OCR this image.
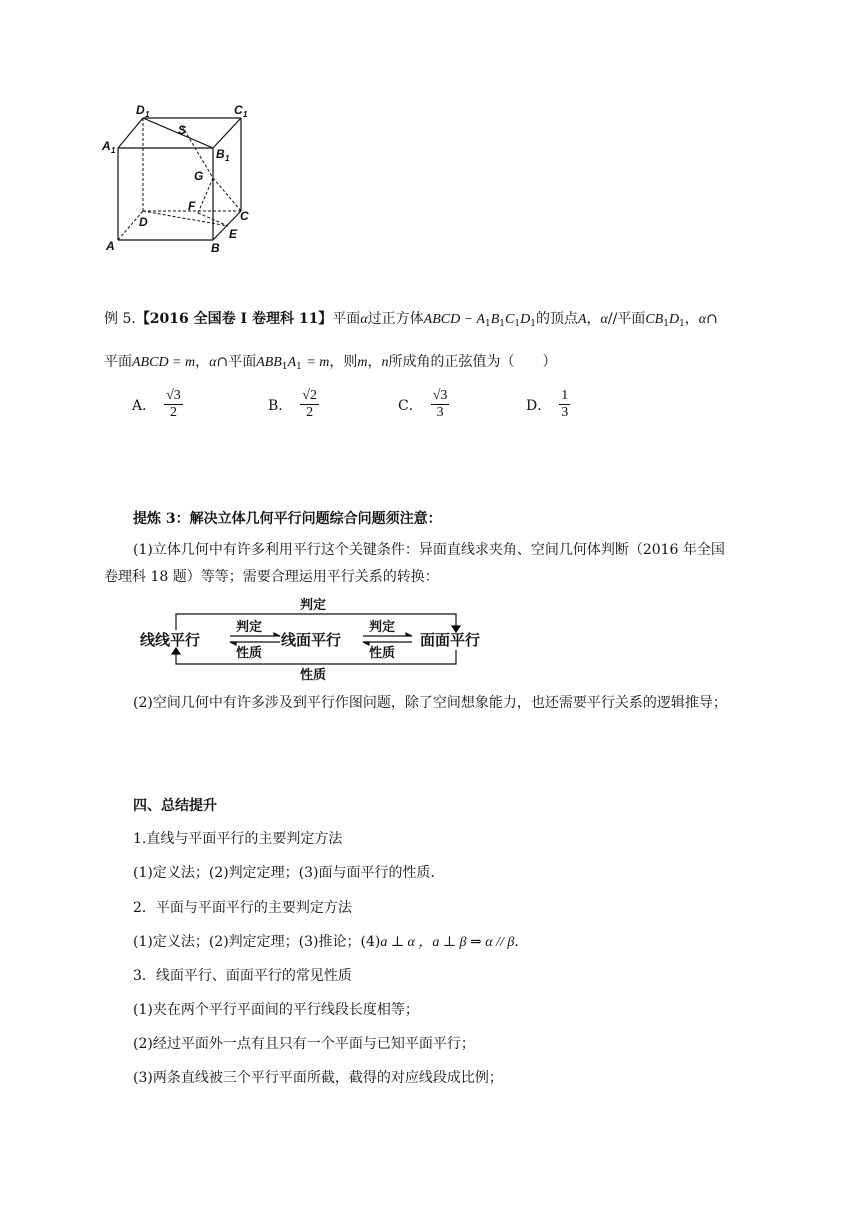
D 1	C 1
A 1	B 1
S
G
F
D	C
E
A	B
例 5.【2016 全国卷 I 卷理科 11】平面α过正方体ABCD − $A_1B_1C_1D_1$的顶点A，α//平面$CB_1D_1$，α∩
平面ABCD = m，α∩平面$ABB_1A_1 = m$，则m，n所成角的正弦值为（　　）
A． $\frac{√3}{2}$	B． $\frac{√2}{2}$	C． $\frac{√3}{3}$	D． $\frac{1}{3}$
提炼 3：解决立体几何平行问题综合问题须注意：
(1)立体几何中有许多利用平行这个关键条件：异面直线求夹角、空间几何体判断（2016 年全国
卷理科 18 题）等等；需要合理运用平行关系的转换：
判定
性质
线线平行	线面平行	面面平行
判定
性质
判定
性质
(2)空间几何中有许多涉及到平行作图问题，除了空间想象能力，也还需要平行关系的逻辑推导；
四、总结提升
1.直线与平面平行的主要判定方法
(1)定义法；(2)判定定理；(3)面与面平行的性质．
2．平面与平面平行的主要判定方法
(1)定义法；(2)判定定理；(3)推论；(4)a ⊥ α ，a ⊥ β ⇒ α // β．
3．线面平行、面面平行的常见性质
(1)夹在两个平行平面间的平行线段长度相等；
(2)经过平面外一点有且只有一个平面与已知平面平行；
(3)两条直线被三个平行平面所截，截得的对应线段成比例；
